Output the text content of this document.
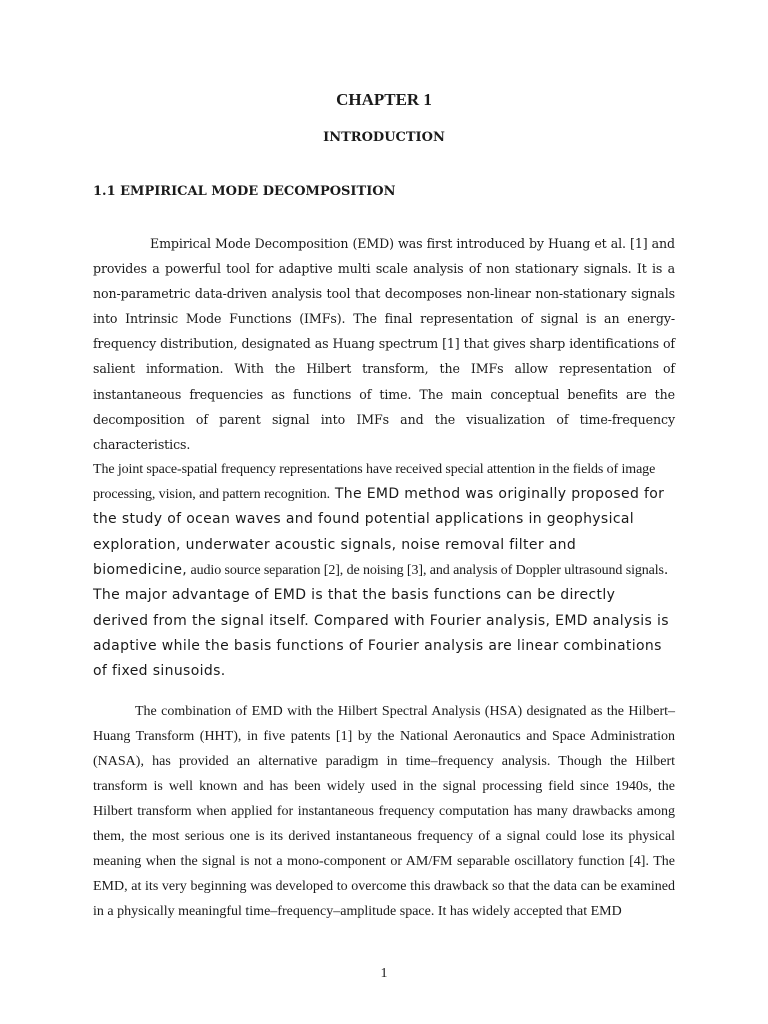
CHAPTER 1
INTRODUCTION
1.1 EMPIRICAL MODE DECOMPOSITION

Empirical Mode Decomposition (EMD) was first introduced by Huang et al. [1] and provides a powerful tool for adaptive multi scale analysis of non stationary signals. It is a non-parametric data-driven analysis tool that decomposes non-linear non-stationary signals into Intrinsic Mode Functions (IMFs). The final representation of signal is an energy-frequency distribution, designated as Huang spectrum [1] that gives sharp identifications of salient information. With the Hilbert transform, the IMFs allow representation of instantaneous frequencies as functions of time. The main conceptual benefits are the decomposition of parent signal into IMFs and the visualization of time-frequency characteristics.

The joint space-spatial frequency representations have received special attention in the fields of image processing, vision, and pattern recognition. The EMD method was originally proposed for the study of ocean waves and found potential applications in geophysical exploration, underwater acoustic signals, noise removal filter and biomedicine, audio source separation [2], de noising [3], and analysis of Doppler ultrasound signals. The major advantage of EMD is that the basis functions can be directly derived from the signal itself. Compared with Fourier analysis, EMD analysis is adaptive while the basis functions of Fourier analysis are linear combinations of fixed sinusoids.

The combination of EMD with the Hilbert Spectral Analysis (HSA) designated as the Hilbert–Huang Transform (HHT), in five patents [1] by the National Aeronautics and Space Administration (NASA), has provided an alternative paradigm in time–frequency analysis. Though the Hilbert transform is well known and has been widely used in the signal processing field since 1940s, the Hilbert transform when applied for instantaneous frequency computation has many drawbacks among them, the most serious one is its derived instantaneous frequency of a signal could lose its physical meaning when the signal is not a mono-component or AM/FM separable oscillatory function [4]. The EMD, at its very beginning was developed to overcome this drawback so that the data can be examined in a physically meaningful time–frequency–amplitude space. It has widely accepted that EMD

1
